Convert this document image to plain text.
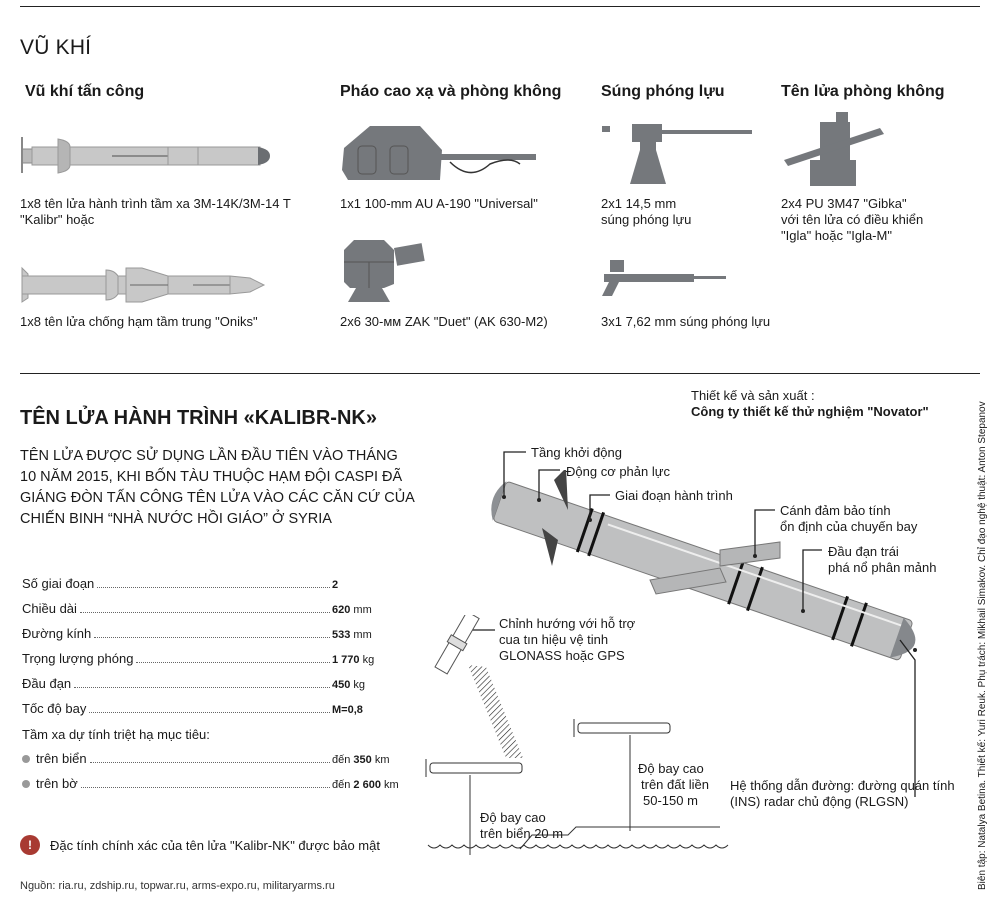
VŨ KHÍ
Vũ khí tấn công	Pháo cao xạ và phòng không Súng phóng lựu	Tên lửa phòng không
1x8 tên lửa hành trình tầm xa 3M-14K/3M-14 T "Kalibr" hoặc
1x8 tên lửa chống hạm tầm trung "Oniks"
1x1 100-mm AU A-190 "Universal"
2x6 30-мм ZAK "Duet" (AK 630-M2)
2x1 14,5 mm
súng phóng lựu
3x1 7,62 mm súng phóng lựu
2x4 PU 3M47 "Gibka"
với tên lửa có điều khiển
"Igla" hoặc "Igla-M"
TÊN LỬA HÀNH TRÌNH «KALIBR-NK»
TÊN LỬA ĐƯỢC SỬ DỤNG LẦN ĐẦU TIÊN VÀO THÁNG
10 NĂM 2015, KHI BỐN TÀU THUỘC HẠM ĐỘI CASPI ĐÃ
GIÁNG ĐÒN TẤN CÔNG TÊN LỬA VÀO CÁC CĂN CỨ CỦA
CHIẾN BINH “NHÀ NƯỚC HỒI GIÁO” Ở SYRIA
Thiết kế và sản xuất :
Công ty thiết kế thử nghiệm "Novator"
Số giai đoạn	2
Chiều dài	620 mm
Đường kính	533 mm
Trọng lượng phóng	1 770 kg
Đầu đạn	450 kg
Tốc độ bay	M=0,8
Tầm xa dự tính triệt hạ mục tiêu:
trên biển	đến 350 km
trên bờ	đến 2 600 km
!	Đặc tính chính xác của tên lửa "Kalibr-NK" được bảo mật
Nguồn: ria.ru, zdship.ru, topwar.ru, arms-expo.ru, militaryarms.ru
Tầng khởi động
Động cơ phản lực
Giai đoạn hành trình
Cánh đảm bảo tính
ổn định của chuyến bay
Đầu đạn trái
phá nổ phân mảnh
Hệ thống dẫn đường: đường quán tính
(INS) radar chủ động (RLGSN)
Chỉnh hướng với hỗ trợ
cua tın hiệu vệ tinh
GLONASS hoặc GPS
Độ bay cao
trên biển 20 m
Độ bay cao
trên đất liền
50-150 m	Biên tập: Natalya Betina. Thiết kế: Yuri Reuk. Phụ trách: Mikhail Simakov. Chỉ đạo nghệ thuật: Anton Stepanov
